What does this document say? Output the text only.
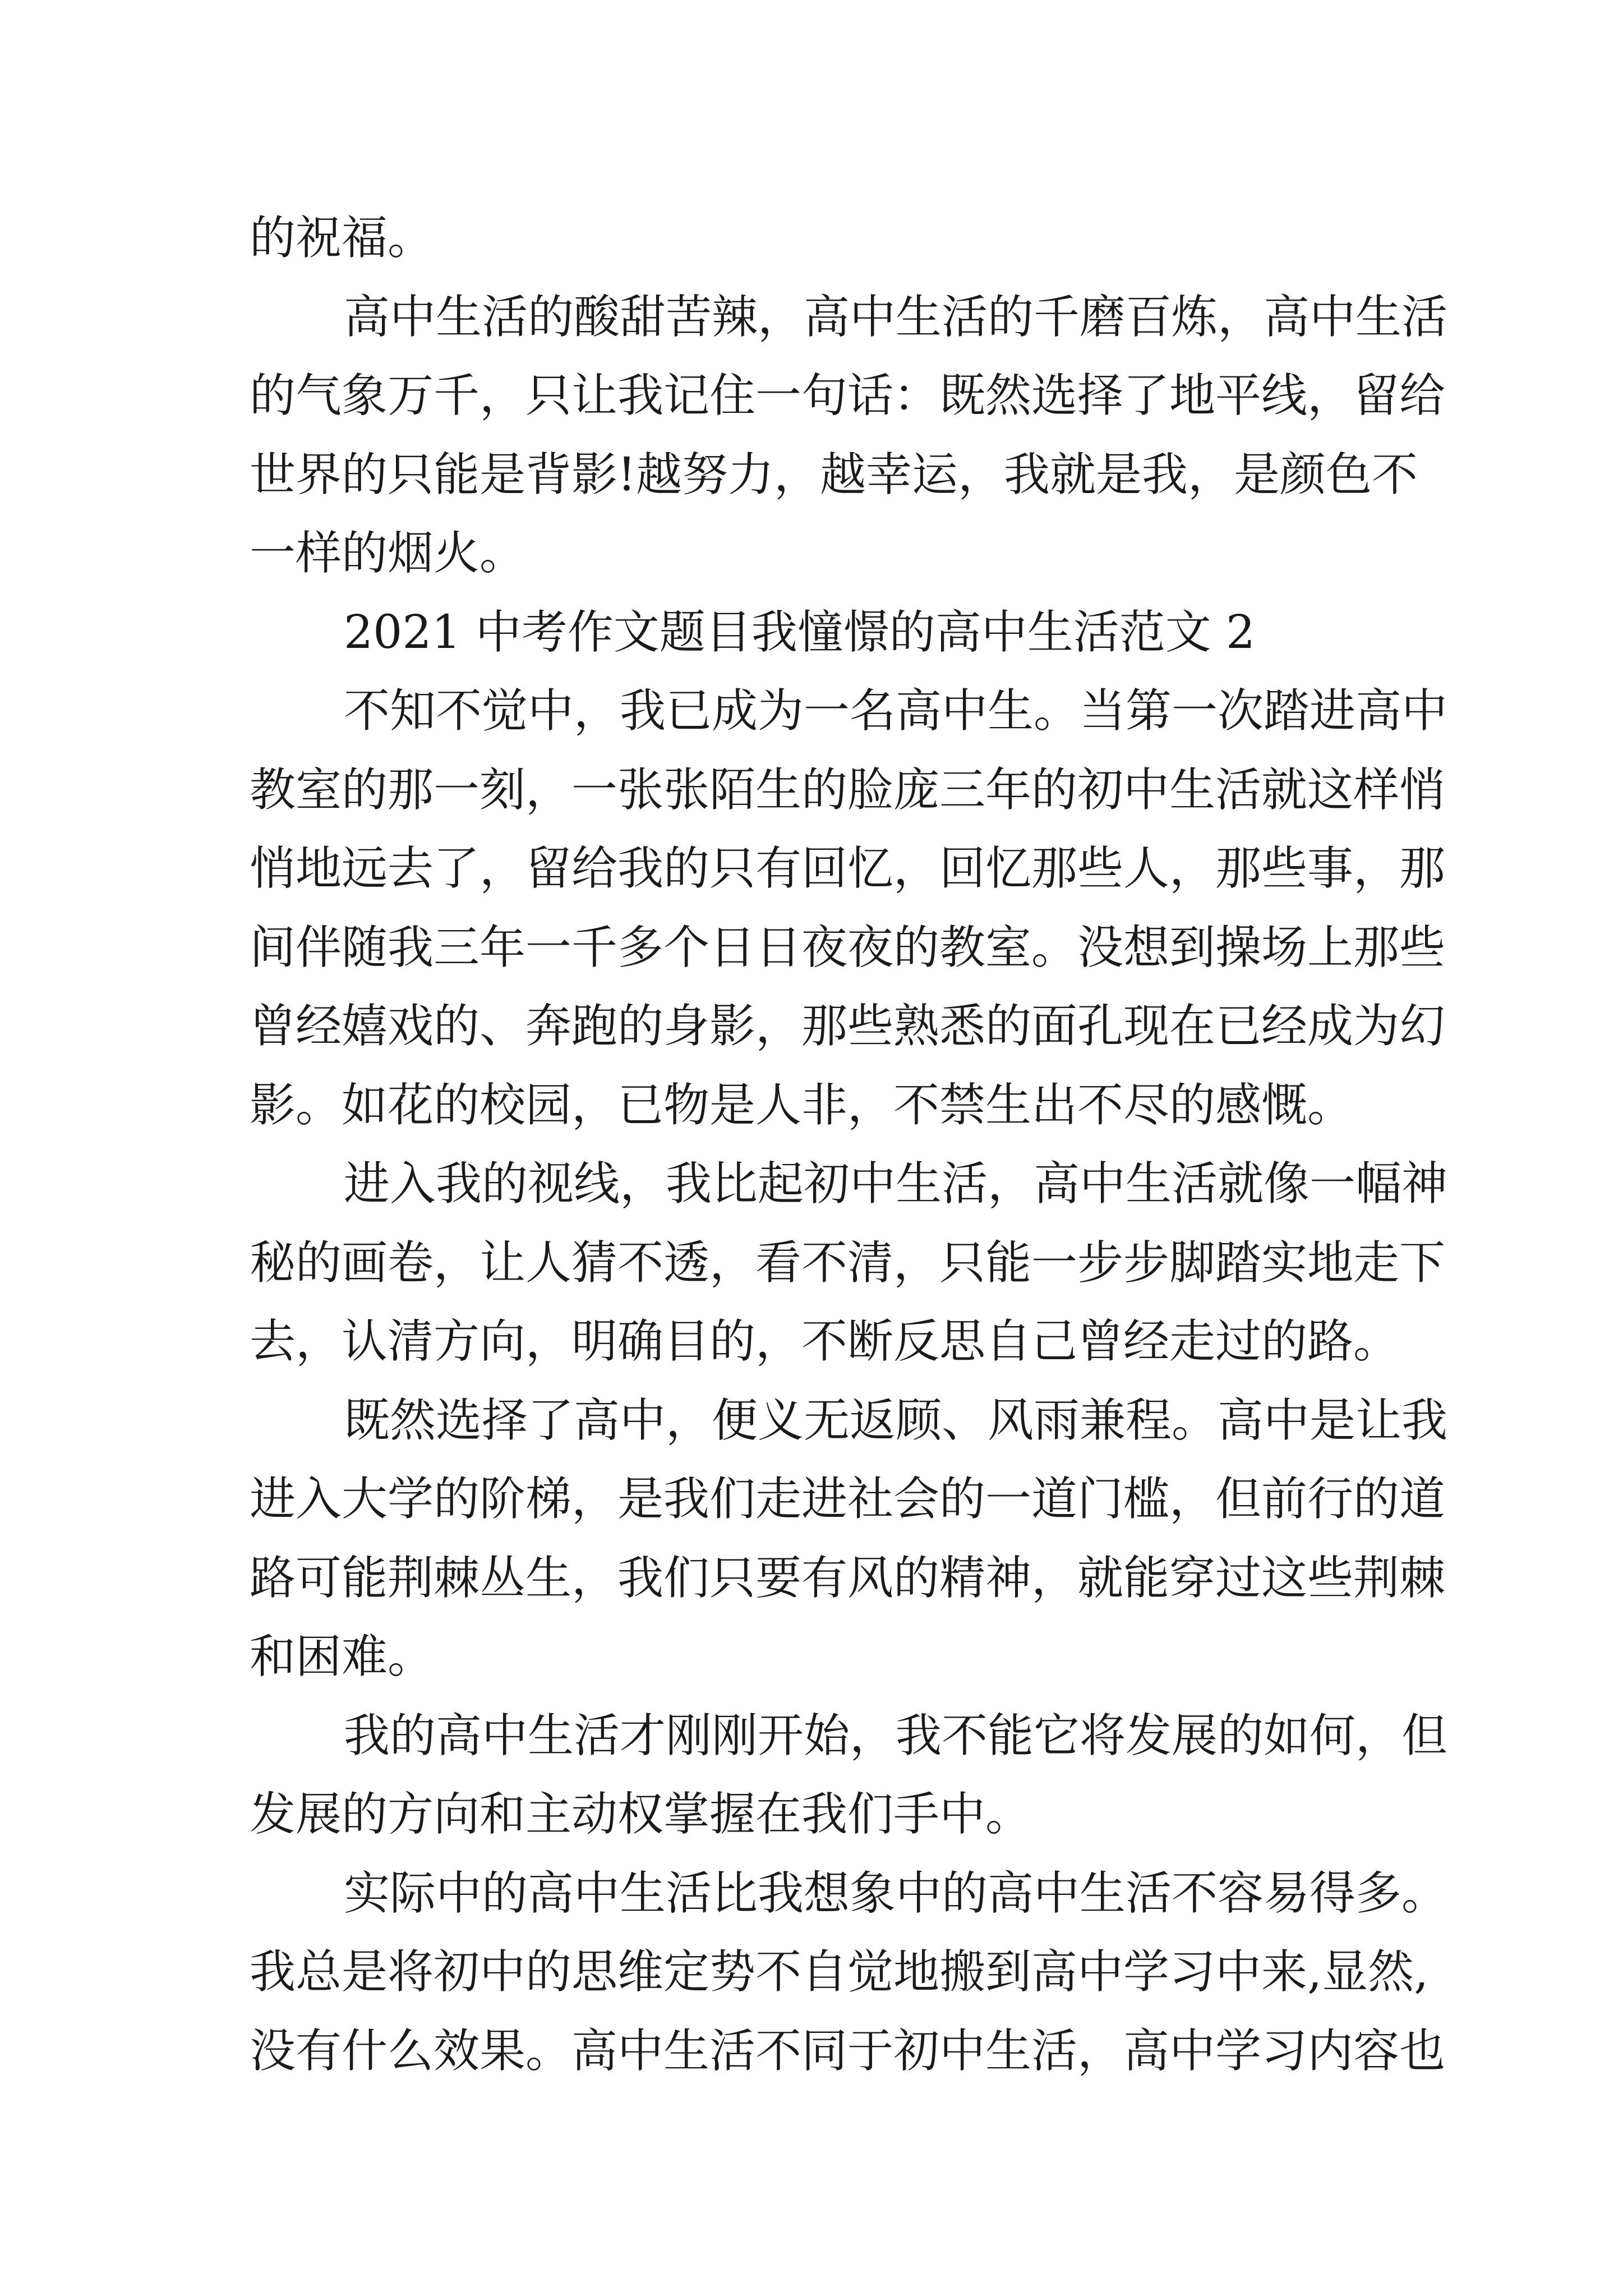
的祝福。
高中生活的酸甜苦辣，高中生活的千磨百炼，高中生活
的气象万千，只让我记住一句话：既然选择了地平线，留给
世界的只能是背影!越努力，越幸运，我就是我，是颜色不
一样的烟火。
2021 中考作文题目我憧憬的高中生活范文 2
不知不觉中，我已成为一名高中生。当第一次踏进高中
教室的那一刻，一张张陌生的脸庞三年的初中生活就这样悄
悄地远去了，留给我的只有回忆，回忆那些人，那些事，那
间伴随我三年一千多个日日夜夜的教室。没想到操场上那些
曾经嬉戏的、奔跑的身影，那些熟悉的面孔现在已经成为幻
影。如花的校园，已物是人非，不禁生出不尽的感慨。
进入我的视线，我比起初中生活，高中生活就像一幅神
秘的画卷，让人猜不透，看不清，只能一步步脚踏实地走下
去，认清方向，明确目的，不断反思自己曾经走过的路。
既然选择了高中，便义无返顾、风雨兼程。高中是让我
进入大学的阶梯，是我们走进社会的一道门槛，但前行的道
路可能荆棘丛生，我们只要有风的精神，就能穿过这些荆棘
和困难。
我的高中生活才刚刚开始，我不能它将发展的如何，但
发展的方向和主动权掌握在我们手中。
实际中的高中生活比我想象中的高中生活不容易得多。
我总是将初中的思维定势不自觉地搬到高中学习中来,显然,
没有什么效果。高中生活不同于初中生活，高中学习内容也
